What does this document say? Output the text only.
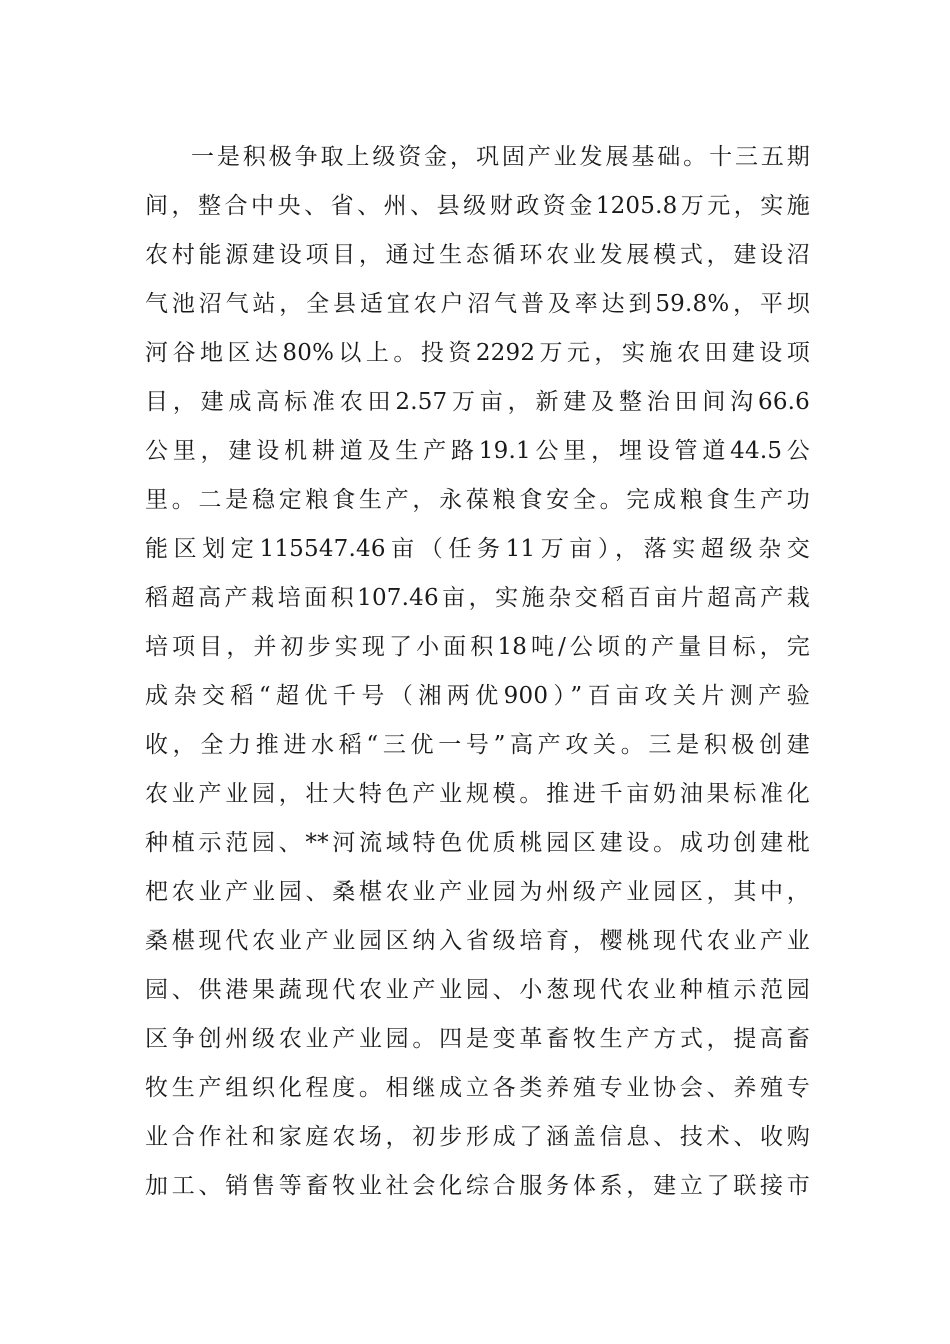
一是积极争取上级资金，巩固产业发展基础。十三五期
间，整合中央、省、州、县级财政资金1205.8万元，实施
农村能源建设项目，通过生态循环农业发展模式，建设沼
气池沼气站，全县适宜农户沼气普及率达到59.8%，平坝
河谷地区达80%以上。投资2292万元，实施农田建设项
目，建成高标准农田2.57万亩，新建及整治田间沟66.6
公里，建设机耕道及生产路19.1公里，埋设管道44.5公
里。二是稳定粮食生产，永葆粮食安全。完成粮食生产功
能区划定115547.46亩（任务11万亩），落实超级杂交
稻超高产栽培面积107.46亩，实施杂交稻百亩片超高产栽
培项目，并初步实现了小面积18吨/公顷的产量目标，完
成杂交稻“超优千号（湘两优900）”百亩攻关片测产验
收，全力推进水稻“三优一号”高产攻关。三是积极创建
农业产业园，壮大特色产业规模。推进千亩奶油果标准化
种植示范园、**河流域特色优质桃园区建设。成功创建枇
杷农业产业园、桑椹农业产业园为州级产业园区，其中，
桑椹现代农业产业园区纳入省级培育，樱桃现代农业产业
园、供港果蔬现代农业产业园、小葱现代农业种植示范园
区争创州级农业产业园。四是变革畜牧生产方式，提高畜
牧生产组织化程度。相继成立各类养殖专业协会、养殖专
业合作社和家庭农场，初步形成了涵盖信息、技术、收购
加工、销售等畜牧业社会化综合服务体系，建立了联接市
